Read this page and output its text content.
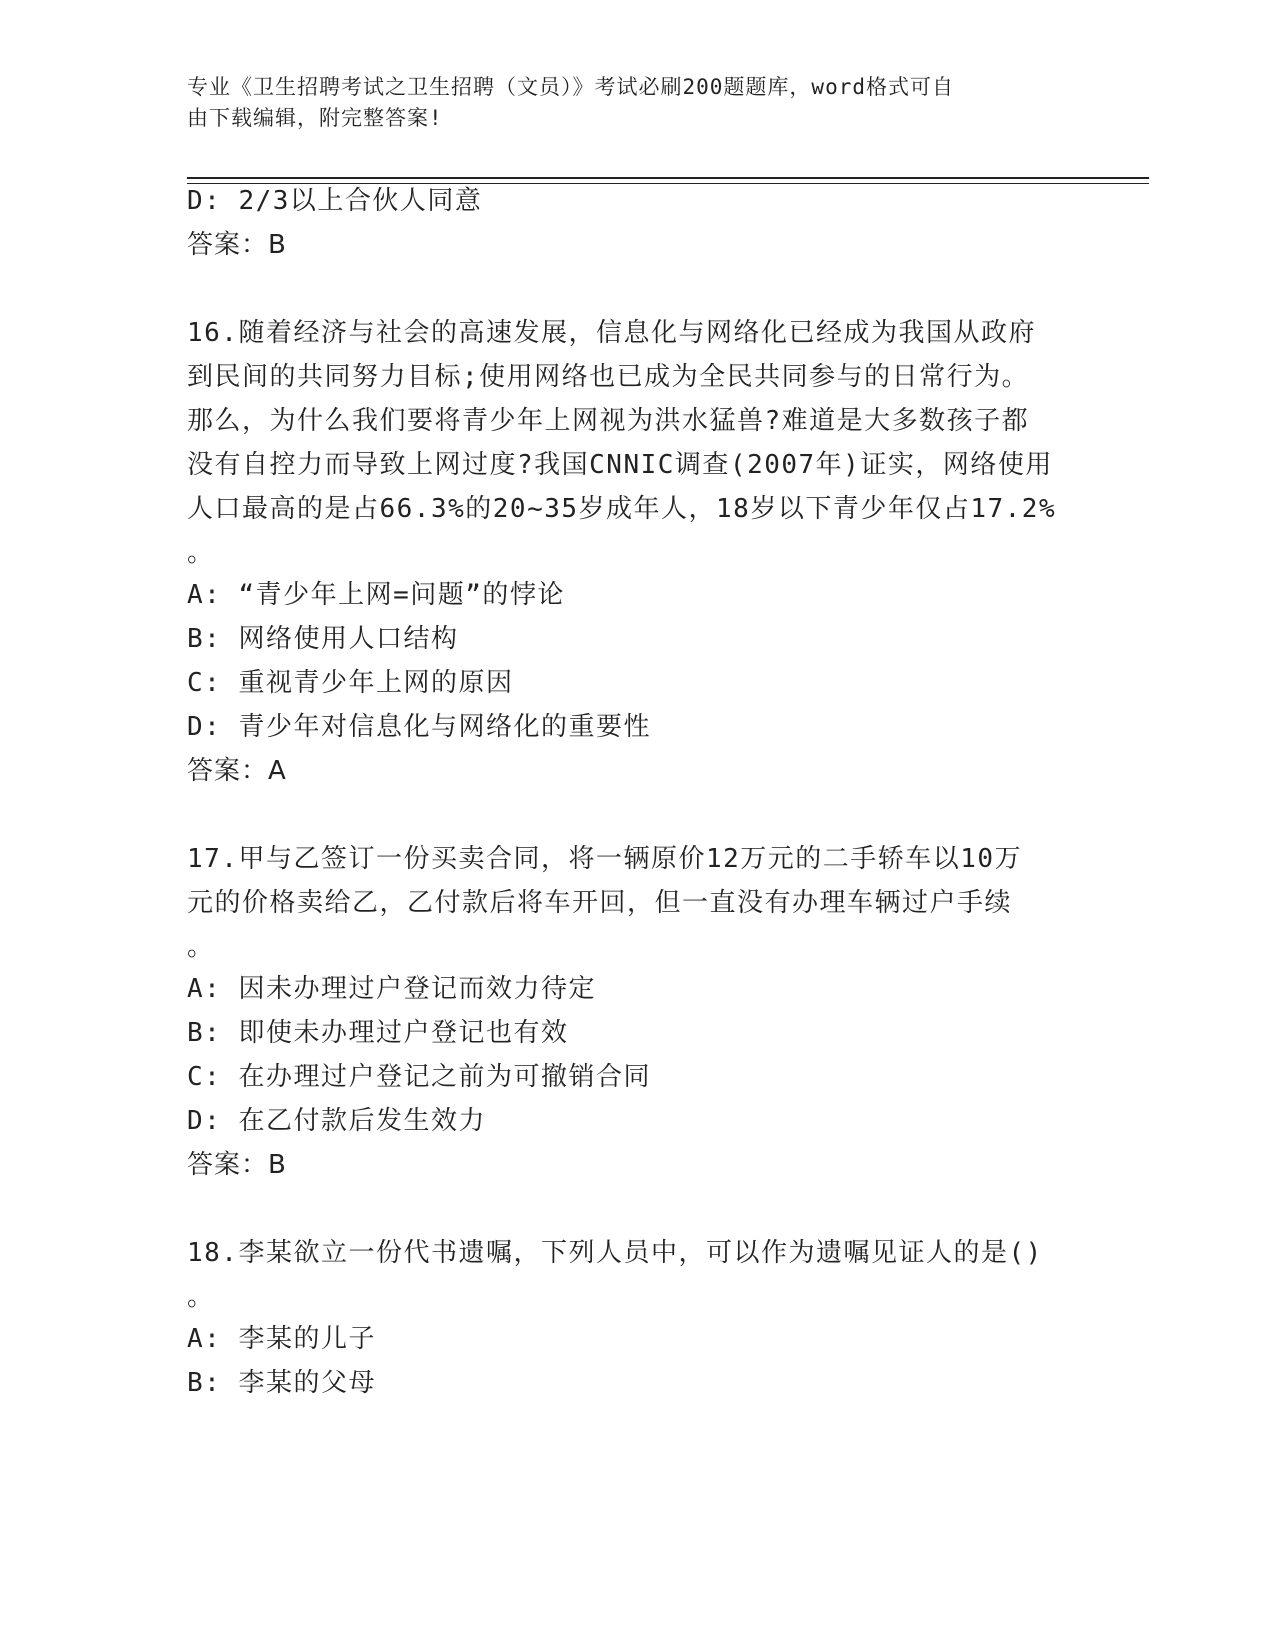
专业《卫生招聘考试之卫生招聘（文员）》考试必刷200题题库，word格式可自
由下载编辑，附完整答案!
D: 2/3以上合伙人同意
答案：B
16.随着经济与社会的高速发展，信息化与网络化已经成为我国从政府
到民间的共同努力目标;使用网络也已成为全民共同参与的日常行为。
那么，为什么我们要将青少年上网视为洪水猛兽?难道是大多数孩子都
没有自控力而导致上网过度?我国CNNIC调查(2007年)证实，网络使用
人口最高的是占66.3%的20~35岁成年人，18岁以下青少年仅占17.2%
。
A: “青少年上网=问题”的悖论
B: 网络使用人口结构
C: 重视青少年上网的原因
D: 青少年对信息化与网络化的重要性
答案：A
17.甲与乙签订一份买卖合同，将一辆原价12万元的二手轿车以10万
元的价格卖给乙，乙付款后将车开回，但一直没有办理车辆过户手续
。
A: 因未办理过户登记而效力待定
B: 即使未办理过户登记也有效
C: 在办理过户登记之前为可撤销合同
D: 在乙付款后发生效力
答案：B
18.李某欲立一份代书遗嘱，下列人员中，可以作为遗嘱见证人的是()
。
A: 李某的儿子
B: 李某的父母
